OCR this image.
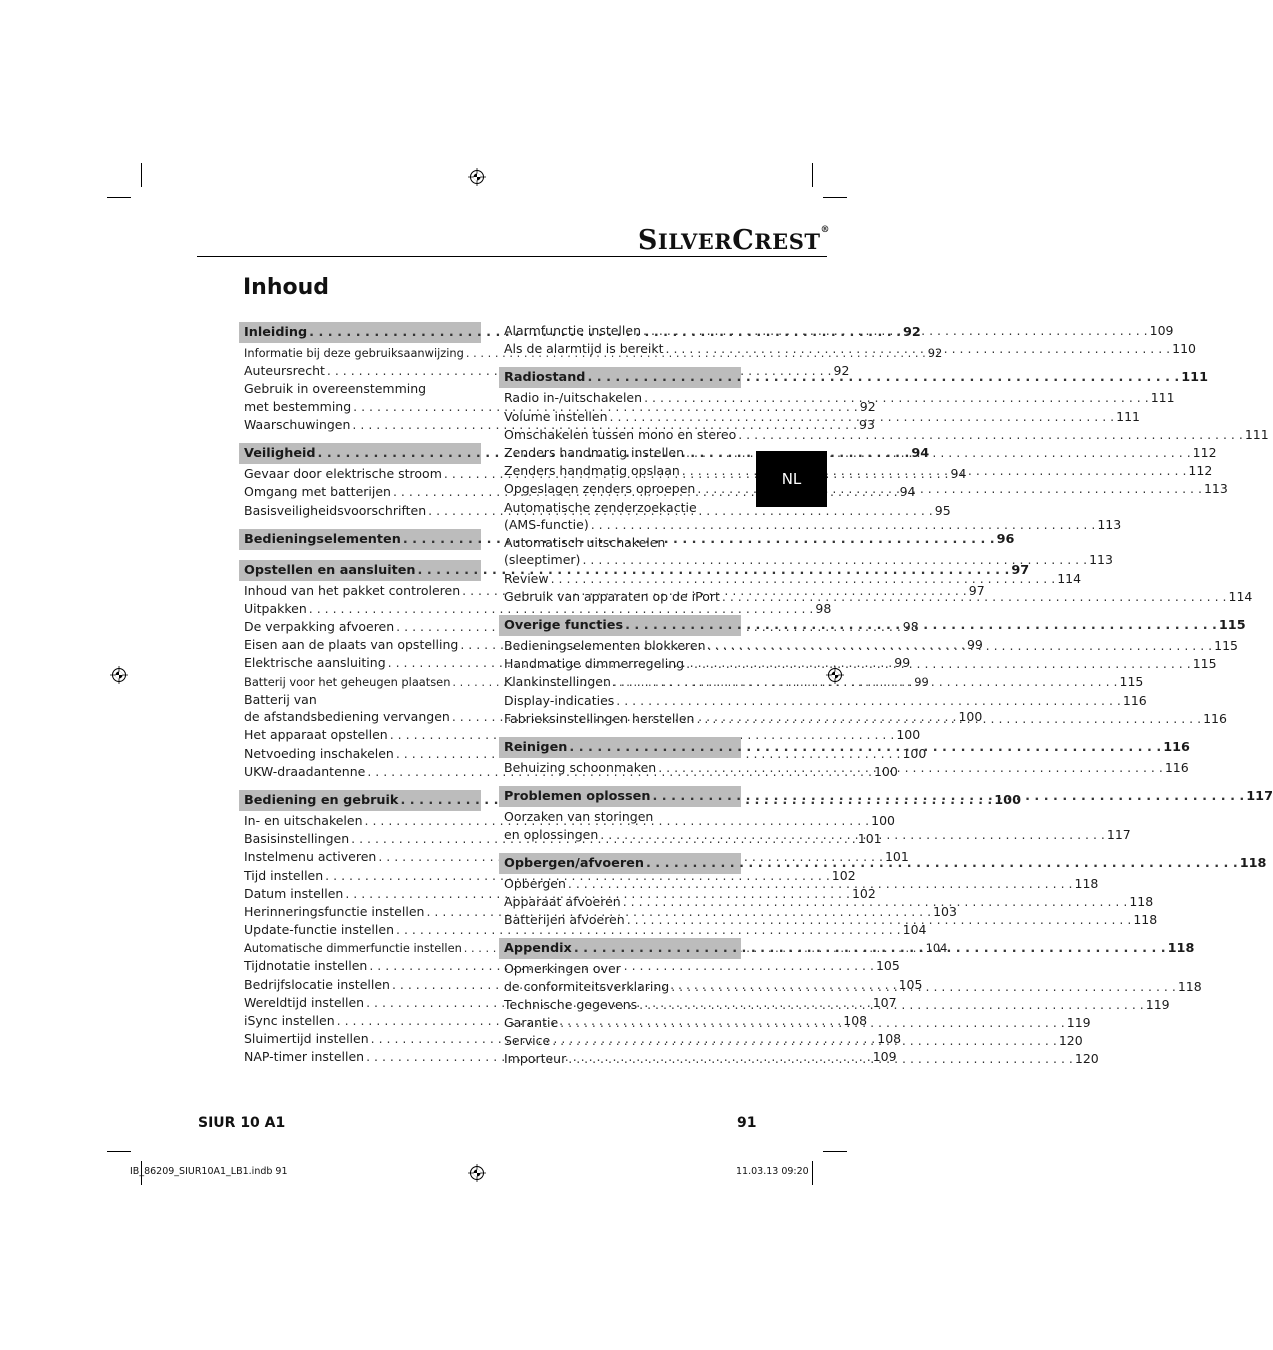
SILVERCREST®
Inhoud
Inleiding . . .	92
Informatie bij deze gebruiksaanwijzing . . .	92
Auteursrecht . . .	92
Gebruik in overeenstemming
met bestemming . . .	92
Waarschuwingen . . .	93
Veiligheid . . .	94
Gevaar door elektrische stroom . . .	94
Omgang met batterijen . . .	94
Basisveiligheidsvoorschriften . . .	95
Bedieningselementen . . .	96
Opstellen en aansluiten . . .	97
Inhoud van het pakket controleren . . .	97
Uitpakken . . .	98
De verpakking afvoeren . . .	98
Eisen aan de plaats van opstelling . . .	99
Elektrische aansluiting . . .	99
Batterij voor het geheugen plaatsen . . .	99
Batterij van
de afstandsbediening vervangen . . .	100
Het apparaat opstellen . . .	100
Netvoeding inschakelen . . .	100
UKW-draadantenne . . .	100
Bediening en gebruik . . .	100
In- en uitschakelen . . .	100
Basisinstellingen . . .	101
Instelmenu activeren . . .	101
Tijd instellen . . .	102
Datum instellen . . .	102
Herinneringsfunctie instellen . . .	103
Update-functie instellen . . .	104
Automatische dimmerfunctie instellen . . .	104
Tijdnotatie instellen . . .	105
Bedrijfslocatie instellen . . .	105
Wereldtijd instellen . . .	107
iSync instellen . . .	108
Sluimertijd instellen . . .	108
NAP-timer instellen . . .	109
Alarmfunctie instellen . . .	109
Als de alarmtijd is bereikt . . .	110
Radiostand . . .	111
Radio in-/uitschakelen . . .	111
Volume instellen . . .	111
Omschakelen tussen mono en stereo . . .	111
Zenders handmatig instellen . . .	112
Zenders handmatig opslaan . . .	112
Opgeslagen zenders oproepen . . .	113
Automatische zenderzoekactie
(AMS-functie) . . .	113
Automatisch uitschakelen
(sleeptimer) . . .	113
Review . . .	114
Gebruik van apparaten op de iPort . . .	114
Overige functies . . .	115
Bedieningselementen blokkeren . . .	115
Handmatige dimmerregeling . . .	115
Klankinstellingen . . .	115
Display-indicaties . . .	116
Fabrieksinstellingen herstellen . . .	116
Reinigen . . .	116
Behuizing schoonmaken . . .	116
Problemen oplossen . . .	117
Oorzaken van storingen
en oplossingen . . .	117
Opbergen/afvoeren . . .	118
Opbergen . . .	118
Apparaat afvoeren . . .	118
Batterijen afvoeren . . .	118
Appendix . . .	118
Opmerkingen over
de conformiteitsverklaring . . .	118
Technische gegevens . . .	119
Garantie . . .	119
Service . . .	120
Importeur . . .	120
NL
SIUR 10 A1	91
IB_86209_SIUR10A1_LB1.indb 91	11.03.13 09:20
